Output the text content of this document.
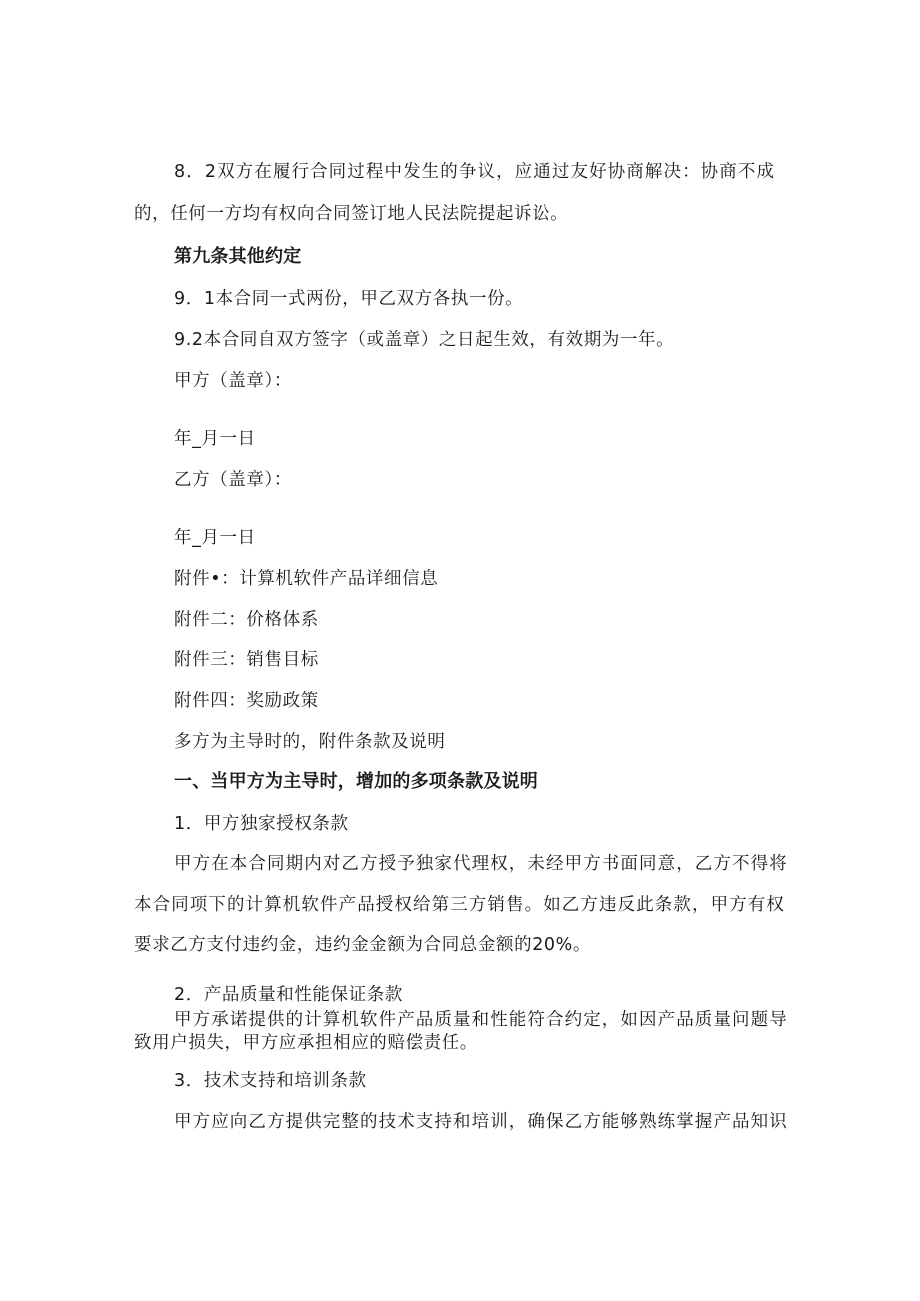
8．2双方在履行合同过程中发生的争议，应通过友好协商解决：协商不成

的，任何一方均有权向合同签订地人民法院提起诉讼。

第九条其他约定

9．1本合同一式两份，甲乙双方各执一份。

9.2本合同自双方签字（或盖章）之日起生效，有效期为一年。

甲方（盖章）：

年_月一日

乙方（盖章）：

年_月一日

附件•：计算机软件产品详细信息

附件二：价格体系

附件三：销售目标

附件四：奖励政策

多方为主导时的，附件条款及说明

一、当甲方为主导时，增加的多项条款及说明

1．甲方独家授权条款

甲方在本合同期内对乙方授予独家代理权，未经甲方书面同意，乙方不得将

本合同项下的计算机软件产品授权给第三方销售。如乙方违反此条款，甲方有权

要求乙方支付违约金，违约金金额为合同总金额的20%。

2．产品质量和性能保证条款

甲方承诺提供的计算机软件产品质量和性能符合约定，如因产品质量问题导

致用户损失，甲方应承担相应的赔偿责任。

3．技术支持和培训条款

甲方应向乙方提供完整的技术支持和培训，确保乙方能够熟练掌握产品知识
